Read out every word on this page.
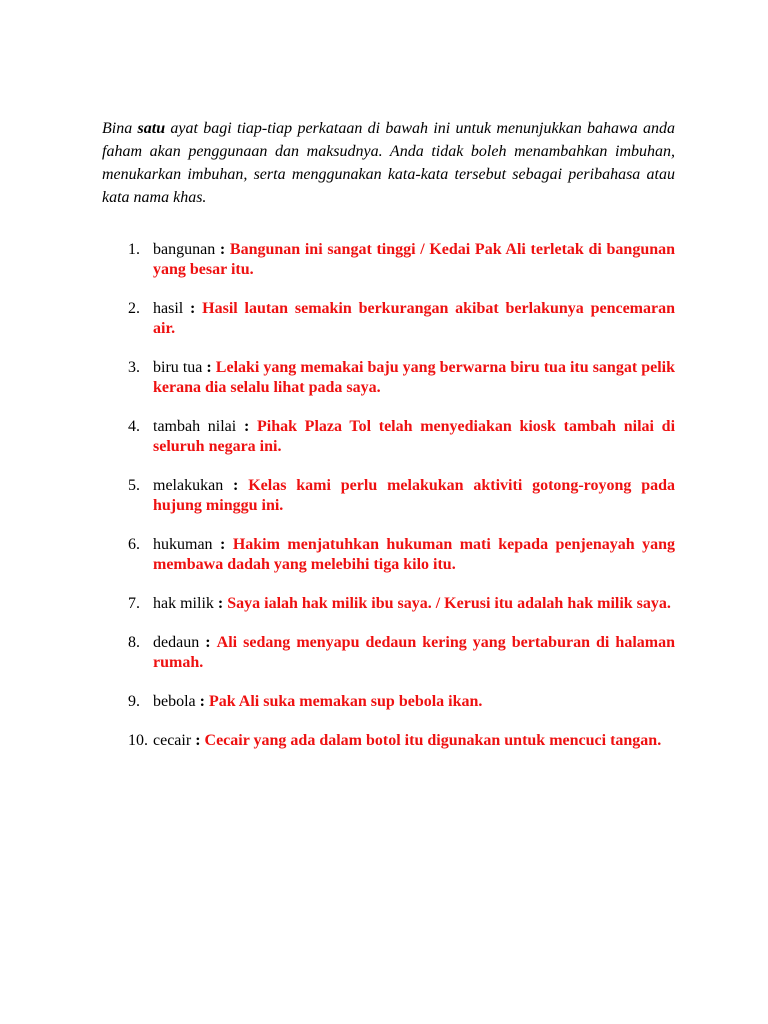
Bina satu ayat bagi tiap-tiap perkataan di bawah ini untuk menunjukkan bahawa anda faham akan penggunaan dan maksudnya. Anda tidak boleh menambahkan imbuhan, menukarkan imbuhan, serta menggunakan kata-kata tersebut sebagai peribahasa atau kata nama khas.

1. bangunan : Bangunan ini sangat tinggi / Kedai Pak Ali terletak di bangunan yang besar itu.
2. hasil : Hasil lautan semakin berkurangan akibat berlakunya pencemaran air.
3. biru tua : Lelaki yang memakai baju yang berwarna biru tua itu sangat pelik kerana dia selalu lihat pada saya.
4. tambah nilai : Pihak Plaza Tol telah menyediakan kiosk tambah nilai di seluruh negara ini.
5. melakukan : Kelas kami perlu melakukan aktiviti gotong-royong pada hujung minggu ini.
6. hukuman : Hakim menjatuhkan hukuman mati kepada penjenayah yang membawa dadah yang melebihi tiga kilo itu.
7. hak milik : Saya ialah hak milik ibu saya. / Kerusi itu adalah hak milik saya.
8. dedaun : Ali sedang menyapu dedaun kering yang bertaburan di halaman rumah.
9. bebola : Pak Ali suka memakan sup bebola ikan.
10. cecair : Cecair yang ada dalam botol itu digunakan untuk mencuci tangan.
